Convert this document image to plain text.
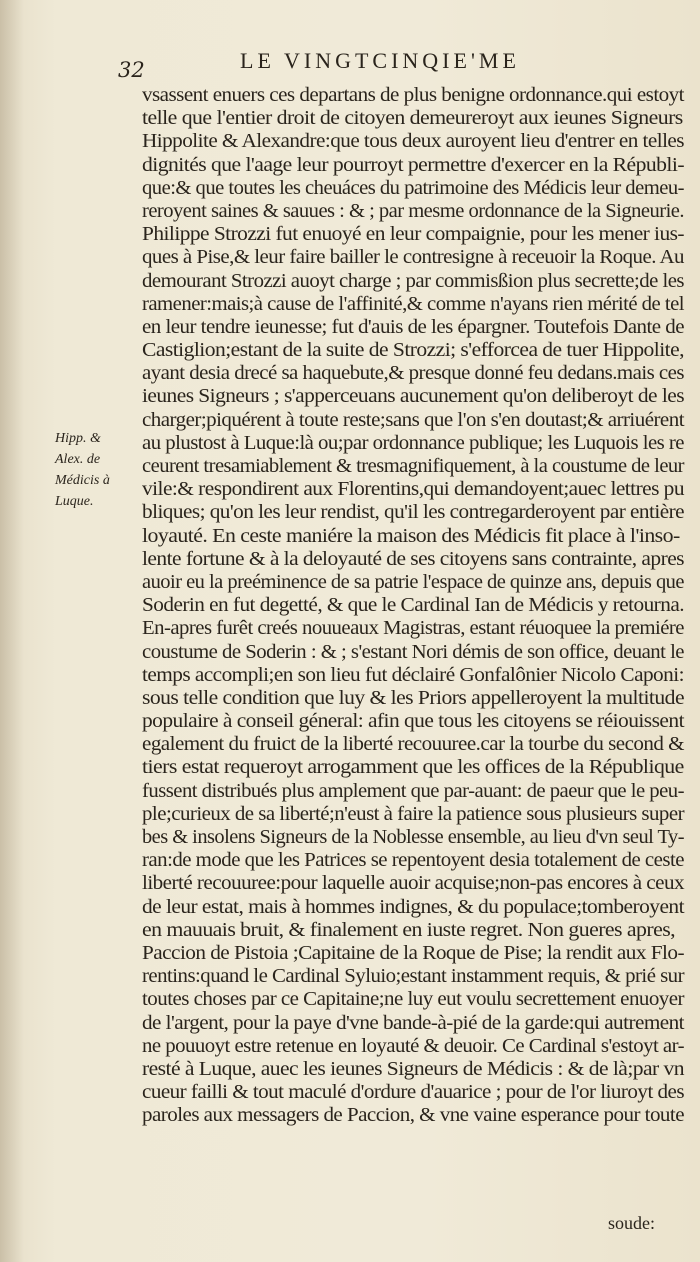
32	LE VINGTCINQIE'ME
Hipp. &
Alex. de
Médicis à
Luque.
vsassent enuers ces departans de plus benigne ordonnance.qui estoyt
telle que l'entier droit de citoyen demeureroyt aux ieunes Signeurs
Hippolite & Alexandre:que tous deux auroyent lieu d'entrer en telles
dignités que l'aage leur pourroyt permettre d'exercer en la Républi-
que:& que toutes les cheuáces du patrimoine des Médicis leur demeu-
reroyent saines & sauues : & ; par mesme ordonnance de la Signeurie.
Philippe Strozzi fut enuoyé en leur compaignie, pour les mener ius-
ques à Pise,& leur faire bailler le contresigne à receuoir la Roque. Au
demourant Strozzi auoyt charge ; par commisßion plus secrette;de les
ramener:mais;à cause de l'affinité,& comme n'ayans rien mérité de tel
en leur tendre ieunesse; fut d'auis de les épargner. Toutefois Dante de
Castiglion;estant de la suite de Strozzi; s'efforcea de tuer Hippolite,
ayant desia drecé sa haquebute,& presque donné feu dedans.mais ces
ieunes Signeurs ; s'apperceuans aucunement qu'on deliberoyt de les
charger;piquérent à toute reste;sans que l'on s'en doutast;& arriuérent
au plustost à Luque:là ou;par ordonnance publique; les Luquois les re
ceurent tresamiablement & tresmagnifiquement, à la coustume de leur
vile:& respondirent aux Florentins,qui demandoyent;auec lettres pu
bliques; qu'on les leur rendist, qu'il les contregarderoyent par entière
loyauté. En ceste maniére la maison des Médicis fit place à l'inso-
lente fortune & à la deloyauté de ses citoyens sans contrainte, apres
auoir eu la preéminence de sa patrie l'espace de quinze ans, depuis que
Soderin en fut degetté, & que le Cardinal Ian de Médicis y retourna.
En-apres furêt creés nouueaux Magistras, estant réuoquee la premiére
coustume de Soderin : & ; s'estant Nori démis de son office, deuant le
temps accompli;en son lieu fut déclairé Gonfalônier Nicolo Caponi:
sous telle condition que luy & les Priors appelleroyent la multitude
populaire à conseil géneral: afin que tous les citoyens se réiouissent
egalement du fruict de la liberté recouuree.car la tourbe du second &
tiers estat requeroyt arrogamment que les offices de la République
fussent distribués plus amplement que par-auant: de paeur que le peu-
ple;curieux de sa liberté;n'eust à faire la patience sous plusieurs super
bes & insolens Signeurs de la Noblesse ensemble, au lieu d'vn seul Ty-
ran:de mode que les Patrices se repentoyent desia totalement de ceste
liberté recouuree:pour laquelle auoir acquise;non-pas encores à ceux
de leur estat, mais à hommes indignes, & du populace;tomberoyent
en mauuais bruit, & finalement en iuste regret. Non gueres apres,
Paccion de Pistoia ;Capitaine de la Roque de Pise; la rendit aux Flo-
rentins:quand le Cardinal Syluio;estant instamment requis, & prié sur
toutes choses par ce Capitaine;ne luy eut voulu secrettement enuoyer
de l'argent, pour la paye d'vne bande-à-pié de la garde:qui autrement
ne pouuoyt estre retenue en loyauté & deuoir. Ce Cardinal s'estoyt ar-
resté à Luque, auec les ieunes Signeurs de Médicis : & de là;par vn
cueur failli & tout maculé d'ordure d'auarice ; pour de l'or liuroyt des
paroles aux messagers de Paccion, & vne vaine esperance pour toute
soude:
